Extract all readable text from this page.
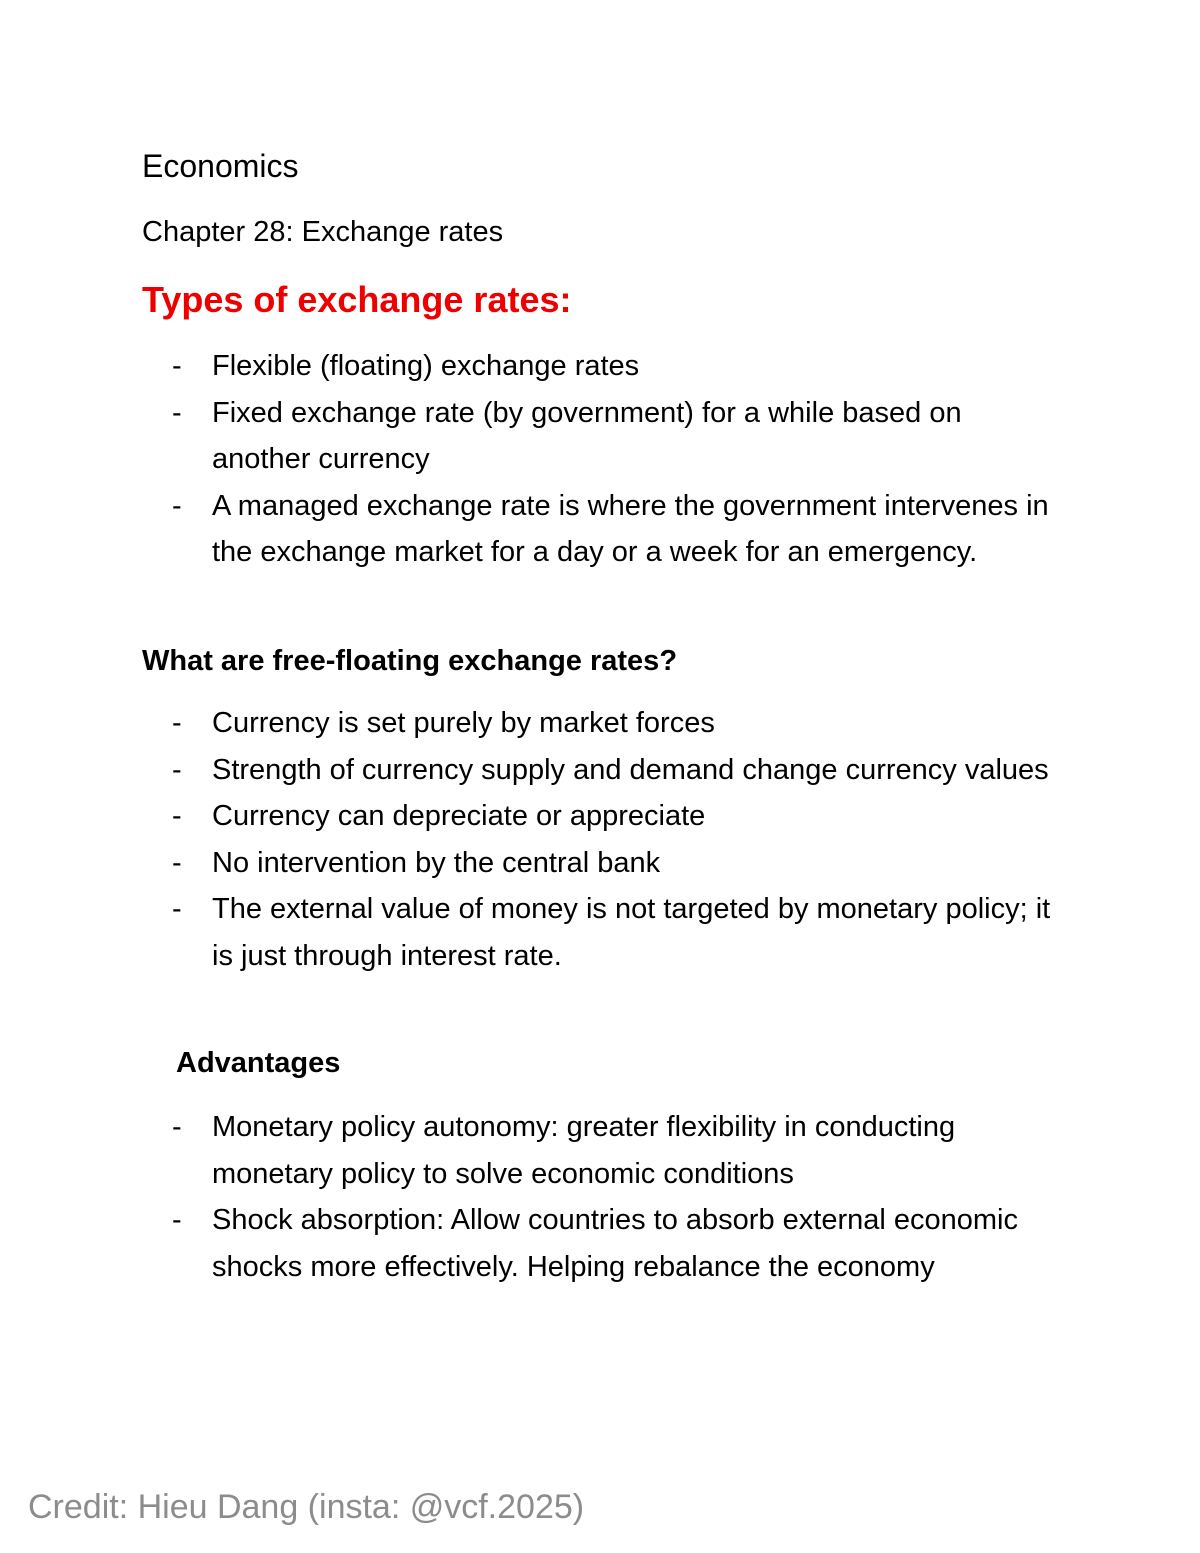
Economics
Chapter 28: Exchange rates
Types of exchange rates:
- Flexible (floating) exchange rates
- Fixed exchange rate (by government) for a while based on another currency
- A managed exchange rate is where the government intervenes in the exchange market for a day or a week for an emergency.
What are free-floating exchange rates?
- Currency is set purely by market forces
- Strength of currency supply and demand change currency values
- Currency can depreciate or appreciate
- No intervention by the central bank
- The external value of money is not targeted by monetary policy; it is just through interest rate.
Advantages
- Monetary policy autonomy: greater flexibility in conducting monetary policy to solve economic conditions
- Shock absorption: Allow countries to absorb external economic shocks more effectively. Helping rebalance the economy
Credit: Hieu Dang (insta: @vcf.2025)
